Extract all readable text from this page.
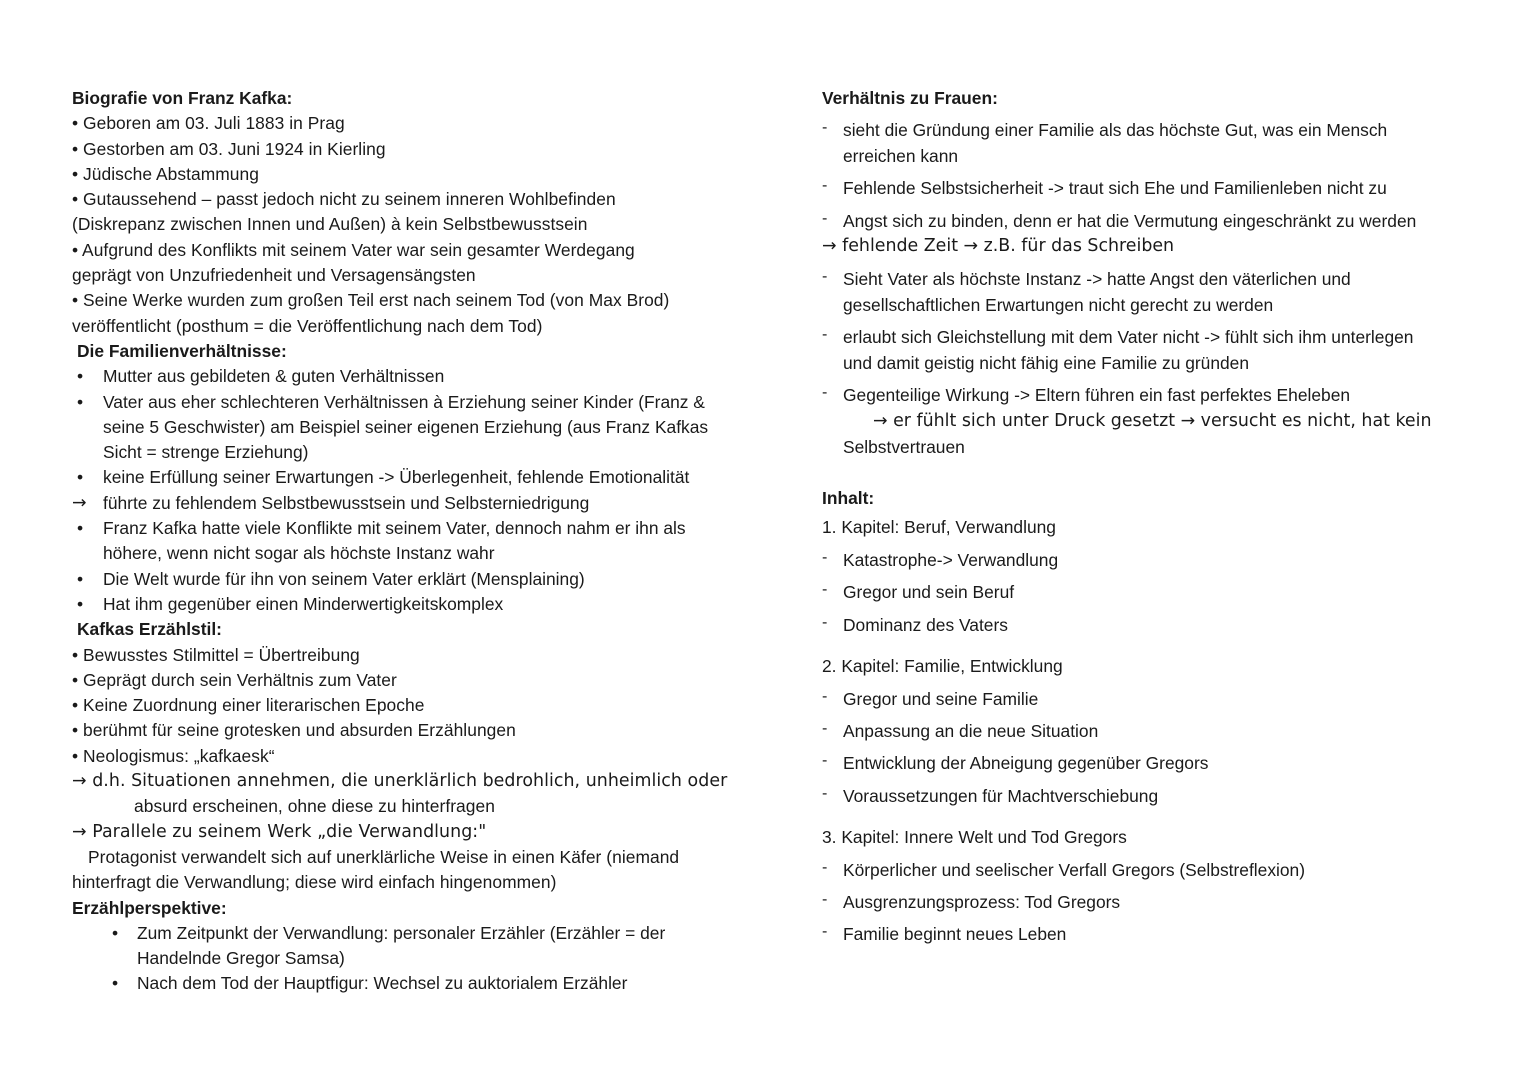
Biografie von Franz Kafka:
• Geboren am 03. Juli 1883 in Prag
• Gestorben am 03. Juni 1924 in Kierling
• Jüdische Abstammung
• Gutaussehend – passt jedoch nicht zu seinem inneren Wohlbefinden
(Diskrepanz zwischen Innen und Außen) à kein Selbstbewusstsein
• Aufgrund des Konflikts mit seinem Vater war sein gesamter Werdegang
geprägt von Unzufriedenheit und Versagensängsten
• Seine Werke wurden zum großen Teil erst nach seinem Tod (von Max Brod)
veröffentlicht (posthum = die Veröffentlichung nach dem Tod)
Die Familienverhältnisse:
•	Mutter aus gebildeten & guten Verhältnissen
•	Vater aus eher schlechteren Verhältnissen à Erziehung seiner Kinder (Franz &
seine 5 Geschwister) am Beispiel seiner eigenen Erziehung (aus Franz Kafkas
Sicht = strenge Erziehung)
•	keine Erfüllung seiner Erwartungen -> Überlegenheit, fehlende Emotionalität
→ führte zu fehlendem Selbstbewusstsein und Selbsterniedrigung
•	Franz Kafka hatte viele Konflikte mit seinem Vater, dennoch nahm er ihn als
höhere, wenn nicht sogar als höchste Instanz wahr
•	Die Welt wurde für ihn von seinem Vater erklärt (Mensplaining)
•	Hat ihm gegenüber einen Minderwertigkeitskomplex
Kafkas Erzählstil:
• Bewusstes Stilmittel = Übertreibung
• Geprägt durch sein Verhältnis zum Vater
• Keine Zuordnung einer literarischen Epoche
• berühmt für seine grotesken und absurden Erzählungen
• Neologismus: „kafkaesk“
→ d.h. Situationen annehmen, die unerklärlich bedrohlich, unheimlich oder
absurd erscheinen, ohne diese zu hinterfragen
→ Parallele zu seinem Werk „die Verwandlung:"
Protagonist verwandelt sich auf unerklärliche Weise in einen Käfer (niemand
hinterfragt die Verwandlung; diese wird einfach hingenommen)
Erzählperspektive:
•	Zum Zeitpunkt der Verwandlung: personaler Erzähler (Erzähler = der
Handelnde Gregor Samsa)
•	Nach dem Tod der Hauptfigur: Wechsel zu auktorialem Erzähler
Verhältnis zu Frauen:
- sieht die Gründung einer Familie als das höchste Gut, was ein Mensch
erreichen kann
- Fehlende Selbstsicherheit -> traut sich Ehe und Familienleben nicht zu
- Angst sich zu binden, denn er hat die Vermutung eingeschränkt zu werden
→ fehlende Zeit → z.B. für das Schreiben
- Sieht Vater als höchste Instanz -> hatte Angst den väterlichen und
gesellschaftlichen Erwartungen nicht gerecht zu werden
- erlaubt sich Gleichstellung mit dem Vater nicht -> fühlt sich ihm unterlegen
und damit geistig nicht fähig eine Familie zu gründen
- Gegenteilige Wirkung -> Eltern führen ein fast perfektes Eheleben
→ er fühlt sich unter Druck gesetzt → versucht es nicht, hat kein
Selbstvertrauen
Inhalt:
1. Kapitel: Beruf, Verwandlung
- Katastrophe-> Verwandlung
- Gregor und sein Beruf
- Dominanz des Vaters
2. Kapitel: Familie, Entwicklung
- Gregor und seine Familie
- Anpassung an die neue Situation
- Entwicklung der Abneigung gegenüber Gregors
- Voraussetzungen für Machtverschiebung
3. Kapitel: Innere Welt und Tod Gregors
- Körperlicher und seelischer Verfall Gregors (Selbstreflexion)
- Ausgrenzungsprozess: Tod Gregors
- Familie beginnt neues Leben
